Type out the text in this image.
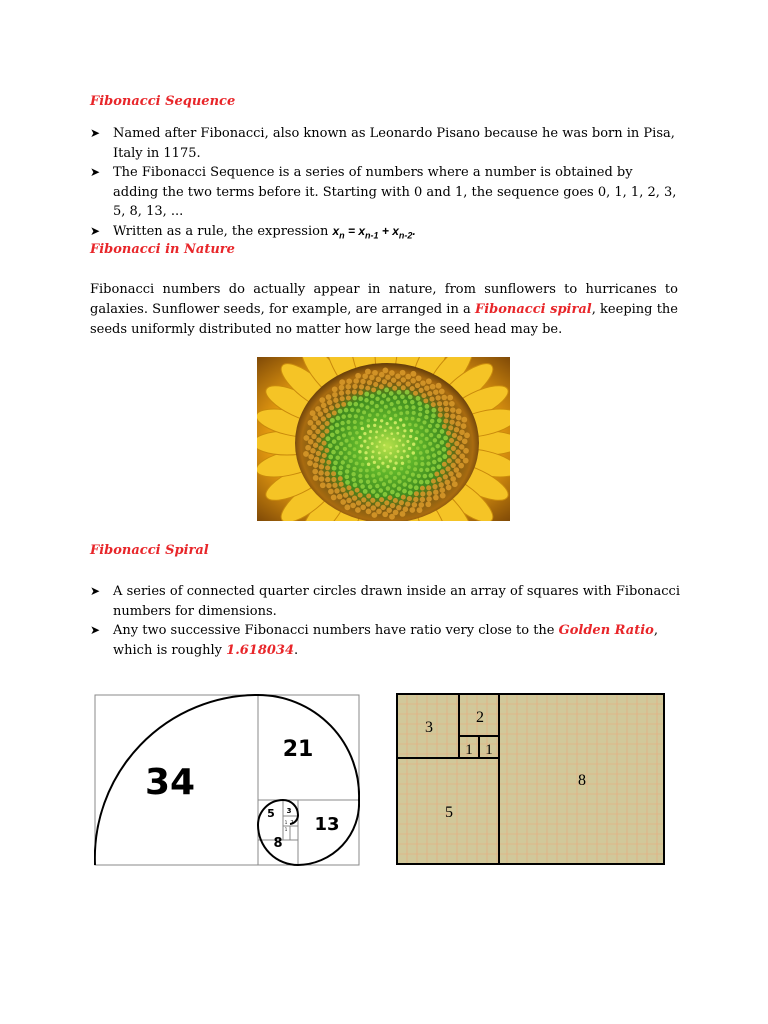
Fibonacci Sequence
➤ Named after Fibonacci, also known as Leonardo Pisano because he was born in Pisa, Italy in 1175.
➤ The Fibonacci Sequence is a series of numbers where a number is obtained by adding the two terms before it. Starting with 0 and 1, the sequence goes 0, 1, 1, 2, 3, 5, 8, 13, ...
➤ Written as a rule, the expression $x_n = x_{n-1} + x_{n-2}$.
Fibonacci in Nature

Fibonacci numbers do actually appear in nature, from sunflowers to hurricanes to galaxies. Sunflower seeds, for example, are arranged in a Fibonacci spiral, keeping the seeds uniformly distributed no matter how large the seed head may be.

Fibonacci Spiral
➤ A series of connected quarter circles drawn inside an array of squares with Fibonacci numbers for dimensions.
➤ Any two successive Fibonacci numbers have ratio very close to the Golden Ratio, which is roughly 1.618034.
34
21
13
8
5 3
2
1
1
3
2
1 1
8
5
